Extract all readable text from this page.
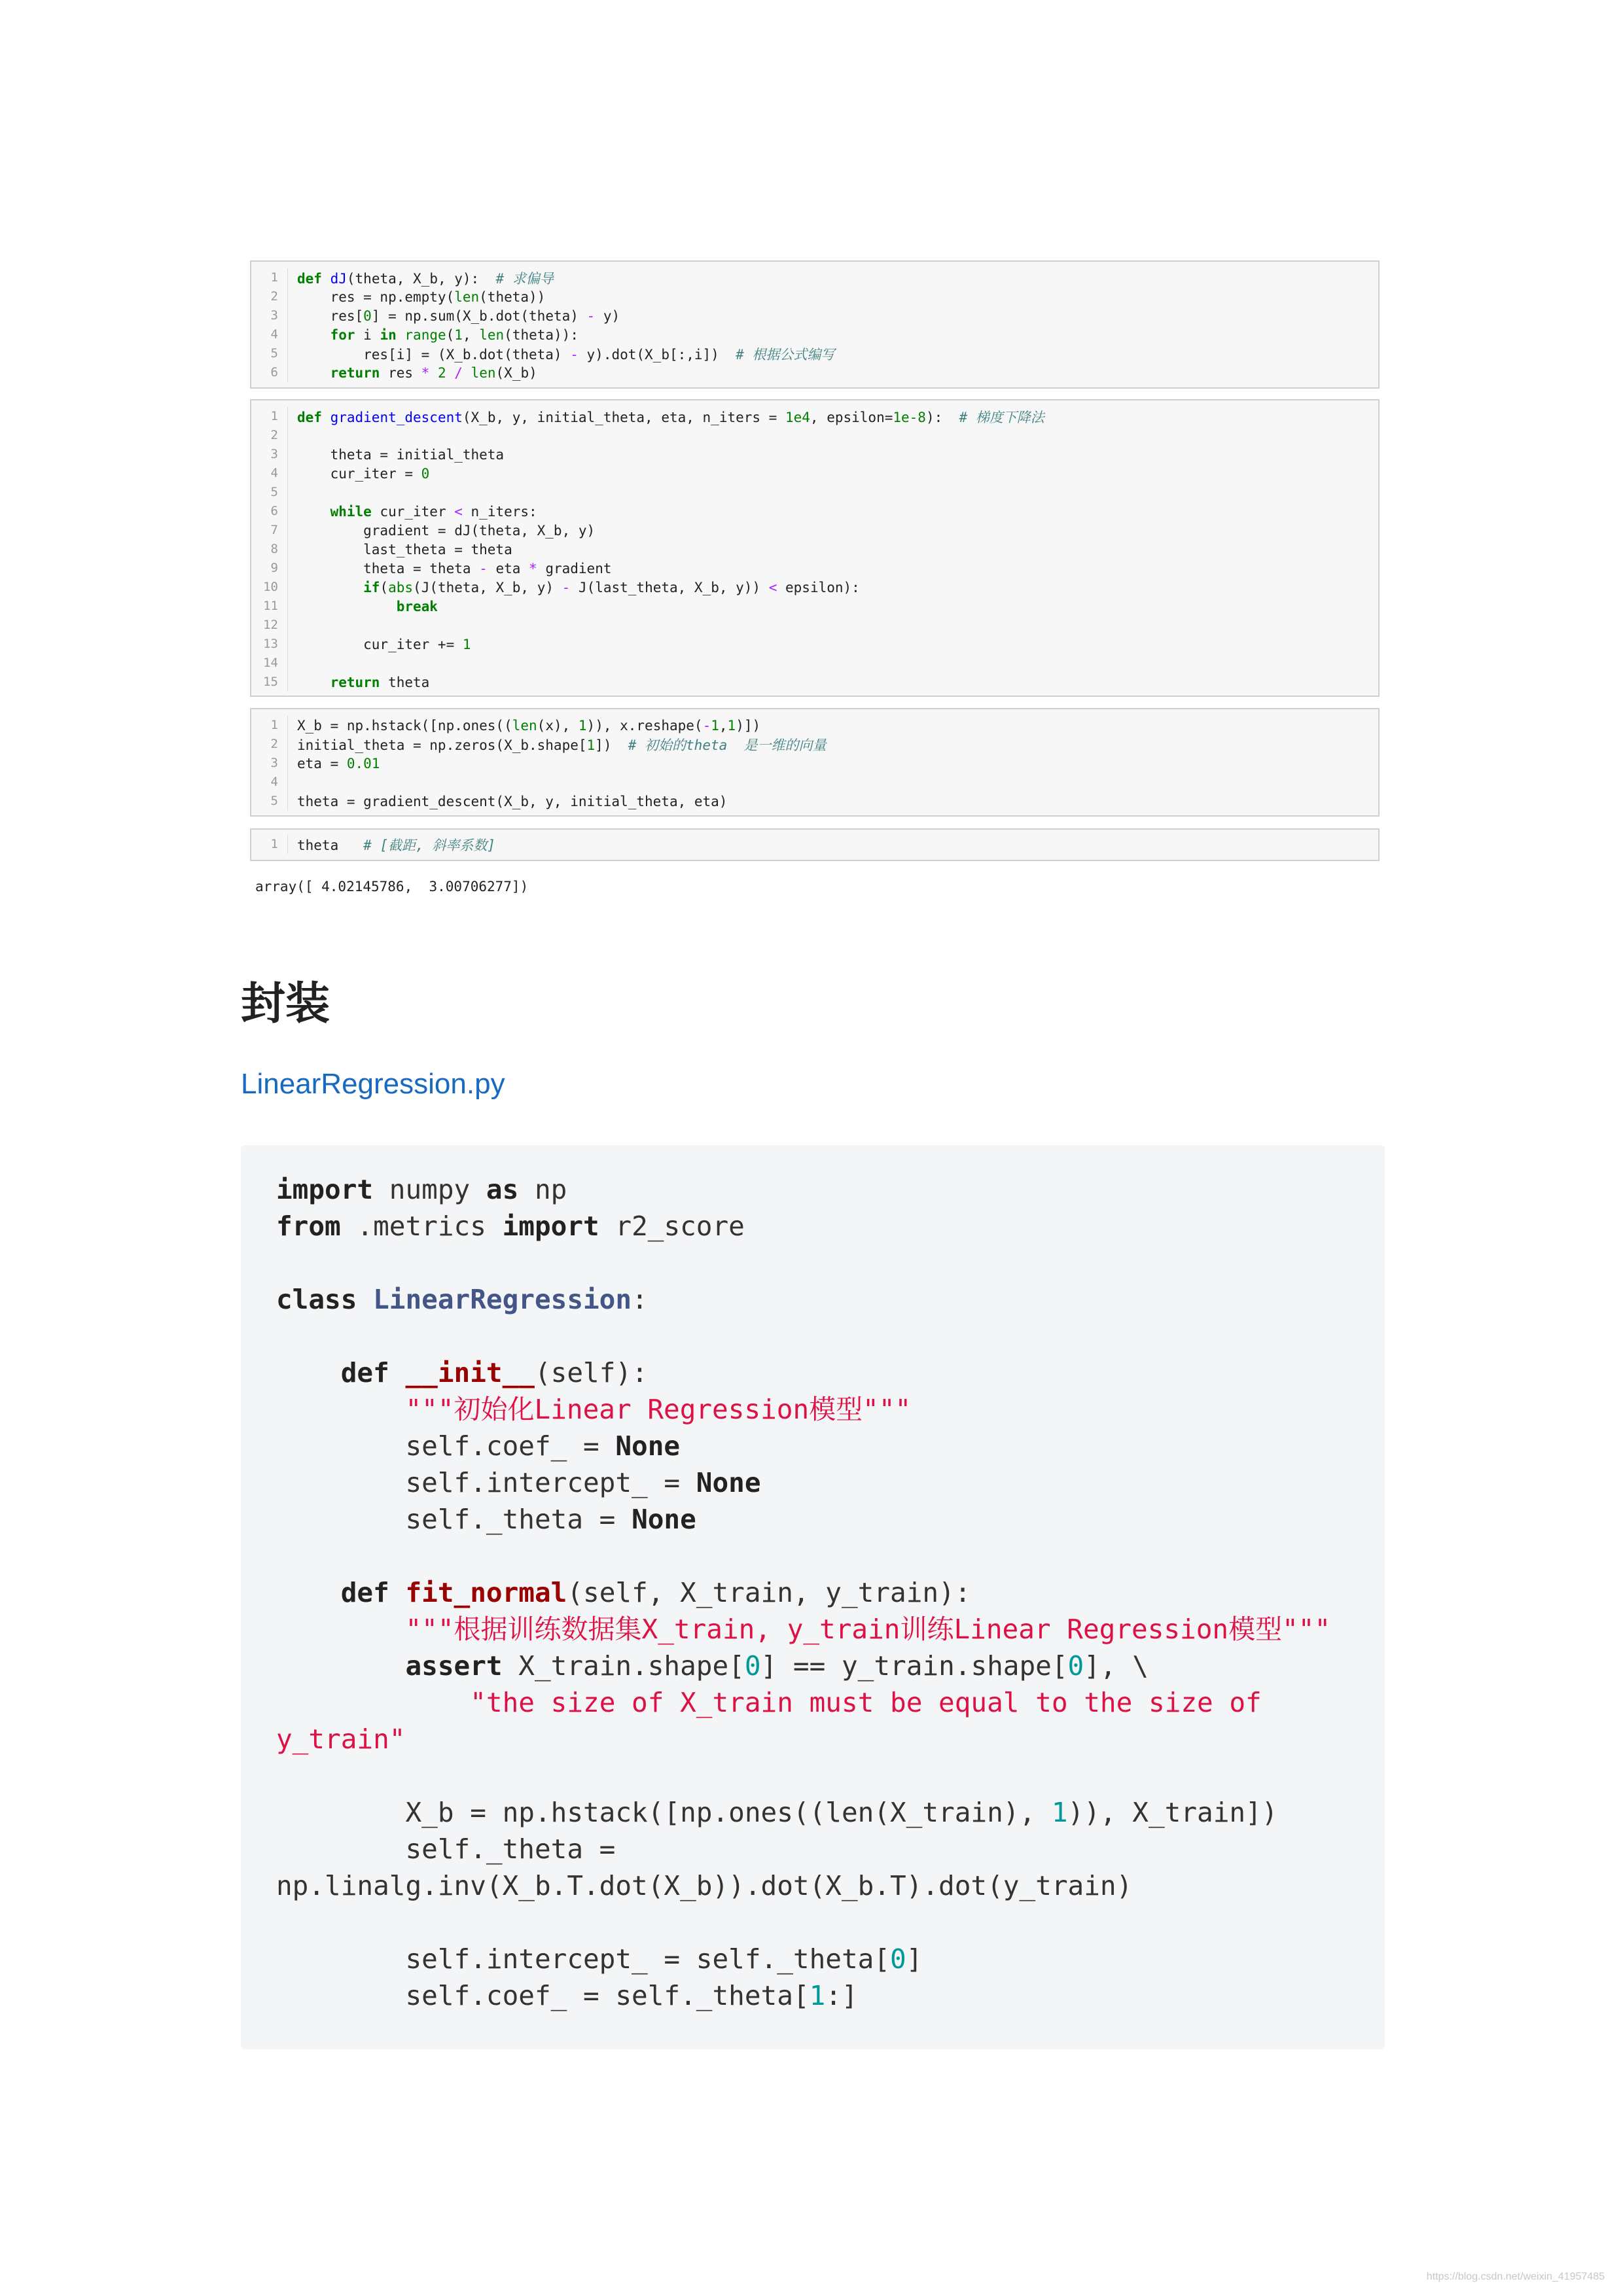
1	def dJ(theta, X_b, y):  # 求偏导
2	res = np.empty(len(theta))
3	res[0] = np.sum(X_b.dot(theta) - y)
4	for i in range(1, len(theta)):
5	res[i] = (X_b.dot(theta) - y).dot(X_b[:,i])  # 根据公式编写
6	return res * 2 / len(X_b)
1	def gradient_descent(X_b, y, initial_theta, eta, n_iters = 1e4, epsilon=1e-8):  # 梯度下降法
2
3	theta = initial_theta
4	cur_iter = 0
5
6	while cur_iter < n_iters:
7	gradient = dJ(theta, X_b, y)
8	last_theta = theta
9	theta = theta - eta * gradient
10	if(abs(J(theta, X_b, y) - J(last_theta, X_b, y)) < epsilon):
11	break
12
13	cur_iter += 1
14
15	return theta
1	X_b = np.hstack([np.ones((len(x), 1)), x.reshape(-1,1)])
2	initial_theta = np.zeros(X_b.shape[1])  # 初始的theta  是一维的向量
3	eta = 0.01
4
5	theta = gradient_descent(X_b, y, initial_theta, eta)
1	theta   # [截距, 斜率系数]
array([ 4.02145786,  3.00706277])
封装
LinearRegression.py
import numpy as np
from .metrics import r2_score
class LinearRegression:
def __init__(self):
"""初始化Linear Regression模型"""
self.coef_ = None
self.intercept_ = None
self._theta = None
def fit_normal(self, X_train, y_train):
"""根据训练数据集X_train, y_train训练Linear Regression模型"""
assert X_train.shape[0] == y_train.shape[0], \
"the size of X_train must be equal to the size of
y_train"
X_b = np.hstack([np.ones((len(X_train), 1)), X_train])
self._theta =
np.linalg.inv(X_b.T.dot(X_b)).dot(X_b.T).dot(y_train)
self.intercept_ = self._theta[0]
self.coef_ = self._theta[1:]
https://blog.csdn.net/weixin_41957485
